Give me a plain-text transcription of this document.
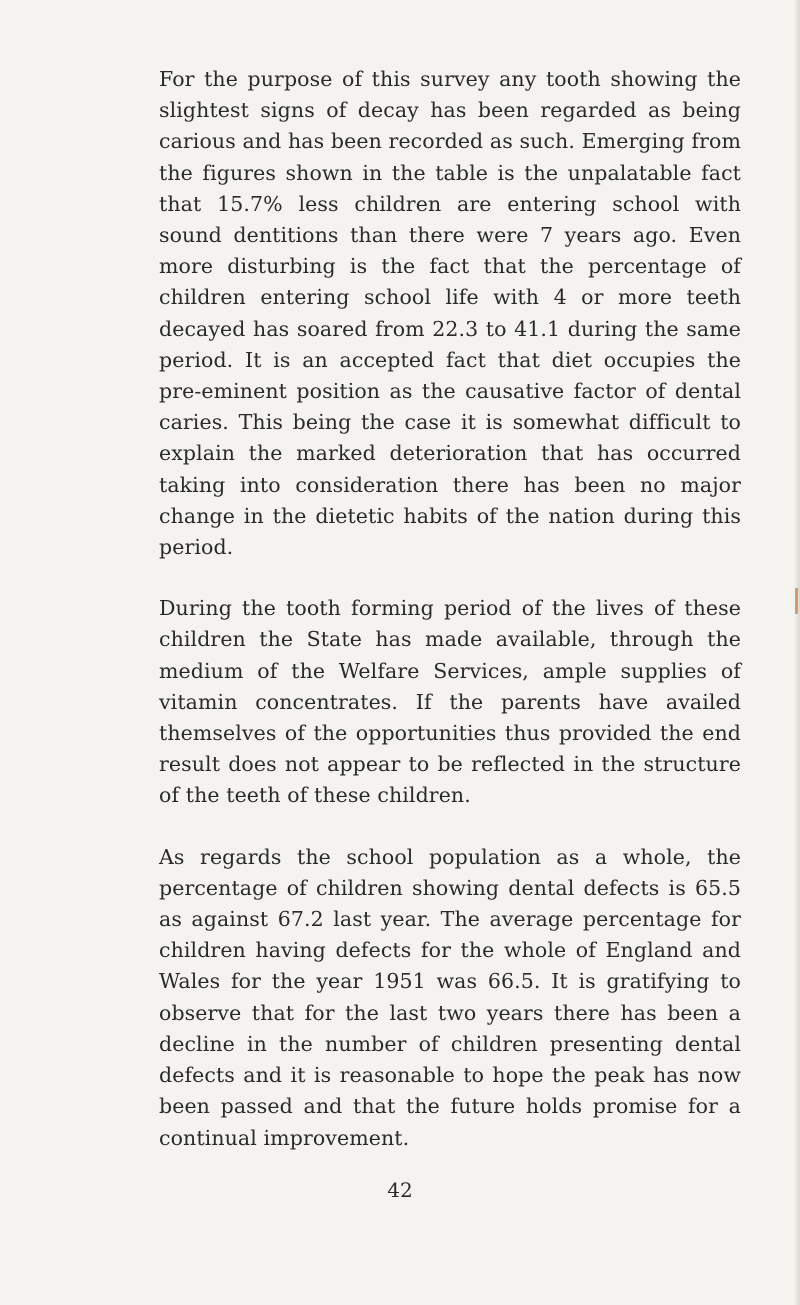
For the purpose of this survey any tooth showing the slightest signs of decay has been regarded as being carious and has been recorded as such. Emerging from the figures shown in the table is the unpalatable fact that 15.7% less children are entering school with sound dentitions than there were 7 years ago. Even more disturbing is the fact that the percentage of children entering school life with 4 or more teeth decayed has soared from 22.3 to 41.1 during the same period. It is an accepted fact that diet occupies the pre-eminent position as the causative factor of dental caries. This being the case it is somewhat difficult to explain the marked deterioration that has occurred taking into consideration there has been no major change in the dietetic habits of the nation during this period.

During the tooth forming period of the lives of these children the State has made available, through the medium of the Welfare Services, ample supplies of vitamin concentrates. If the parents have availed themselves of the opportunities thus provided the end result does not appear to be reflected in the structure of the teeth of these children.

As regards the school population as a whole, the percentage of children showing dental defects is 65.5 as against 67.2 last year. The average percentage for children having defects for the whole of England and Wales for the year 1951 was 66.5. It is gratifying to observe that for the last two years there has been a decline in the number of children presenting dental defects and it is reasonable to hope the peak has now been passed and that the future holds promise for a continual improvement.

42
